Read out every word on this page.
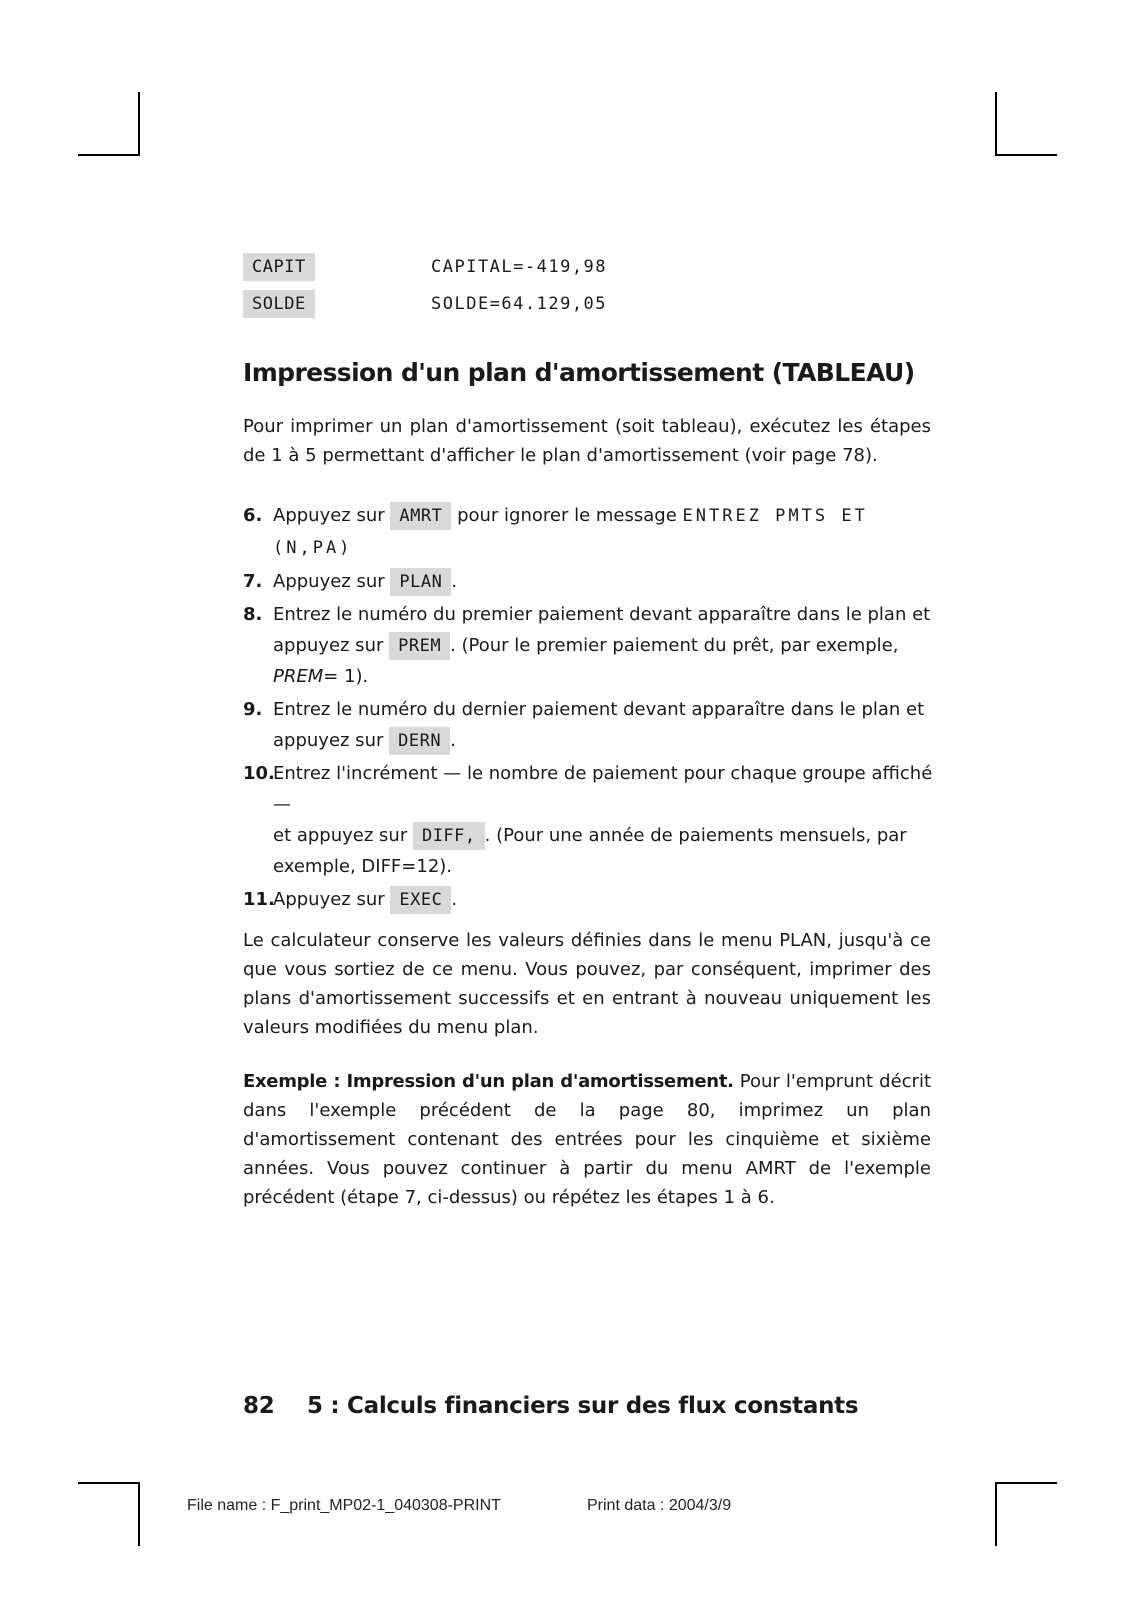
CAPIT	CAPITAL=-419,98
SOLDE	SOLDE=64.129,05
Impression d'un plan d'amortissement (TABLEAU)

Pour imprimer un plan d'amortissement (soit tableau), exécutez les étapes de 1 à 5 permettant d'afficher le plan d'amortissement (voir page 78).

6. Appuyez sur AMRT pour ignorer le message ENTREZ PMTS ET (N,PA)
7. Appuyez sur PLAN .
8. Entrez le numéro du premier paiement devant apparaître dans le plan et
appuyez sur PREM . (Pour le premier paiement du prêt, par exemple,
PREM= 1).
9. Entrez le numéro du dernier paiement devant apparaître dans le plan et
appuyez sur DERN .
10.
Entrez l'incrément — le nombre de paiement pour chaque groupe affiché—
et appuyez sur DIFF, . (Pour une année de paiements mensuels, par
exemple, DIFF=12).
11.
Appuyez sur EXEC .

Le calculateur conserve les valeurs définies dans le menu PLAN, jusqu'à ce que vous sortiez de ce menu. Vous pouvez, par conséquent, imprimer des plans d'amortissement successifs et en entrant à nouveau uniquement les valeurs modifiées du menu plan.

Exemple : Impression d'un plan d'amortissement. Pour l'emprunt décrit dans l'exemple précédent de la page 80, imprimez un plan d'amortissement contenant des entrées pour les cinquième et sixième années. Vous pouvez continuer à partir du menu AMRT de l'exemple précédent (étape 7, ci-dessus) ou répétez les étapes 1 à 6.

82 5 : Calculs financiers sur des flux constants
File name : F_print_MP02-1_040308-PRINT	Print data : 2004/3/9
